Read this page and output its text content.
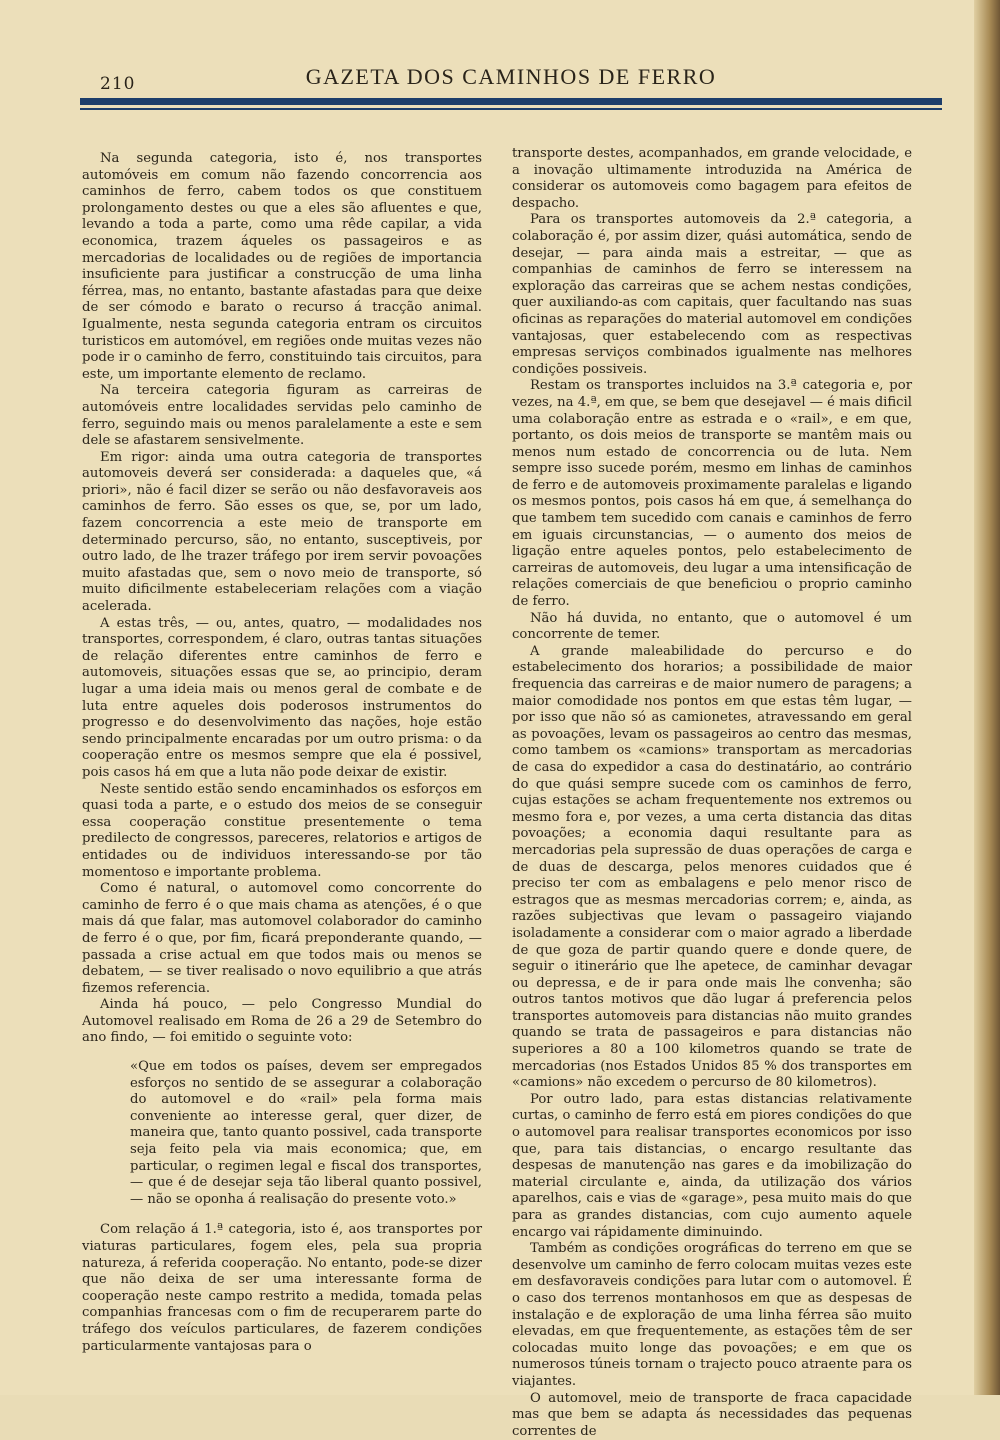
210	GAZETA DOS CAMINHOS DE FERRO

Na segunda categoria, isto é, nos transportes automóveis em comum não fazendo concorrencia aos caminhos de ferro, cabem todos os que constituem prolongamento destes ou que a eles são afluentes e que, levando a toda a parte, como uma rêde capilar, a vida economica, trazem áqueles os passageiros e as mercadorias de localidades ou de regiões de importancia insuficiente para justificar a construcção de uma linha férrea, mas, no entanto, bastante afastadas para que deixe de ser cómodo e barato o recurso á tracção animal. Igualmente, nesta segunda categoria entram os circuitos turisticos em automóvel, em regiões onde muitas vezes não pode ir o caminho de ferro, constituindo tais circuitos, para este, um importante elemento de reclamo.

Na terceira categoria figuram as carreiras de automóveis entre localidades servidas pelo caminho de ferro, seguindo mais ou menos paralelamente a este e sem dele se afastarem sensivelmente.

Em rigor: ainda uma outra categoria de transportes automoveis deverá ser considerada: a daqueles que, «á priori», não é facil dizer se serão ou não desfavoraveis aos caminhos de ferro. São esses os que, se, por um lado, fazem concorrencia a este meio de transporte em determinado percurso, são, no entanto, susceptiveis, por outro lado, de lhe trazer tráfego por irem servir povoações muito afastadas que, sem o novo meio de transporte, só muito dificilmente estabeleceriam relações com a viação acelerada.

A estas três, — ou, antes, quatro, — modalidades nos transportes, correspondem, é claro, outras tantas situações de relação diferentes entre caminhos de ferro e automoveis, situações essas que se, ao principio, deram lugar a uma ideia mais ou menos geral de combate e de luta entre aqueles dois poderosos instrumentos do progresso e do desenvolvimento das nações, hoje estão sendo principalmente encaradas por um outro prisma: o da cooperação entre os mesmos sempre que ela é possivel, pois casos há em que a luta não pode deixar de existir.

Neste sentido estão sendo encaminhados os esforços em quasi toda a parte, e o estudo dos meios de se conseguir essa cooperação constitue presentemente o tema predilecto de congressos, pareceres, relatorios e artigos de entidades ou de individuos interessando-se por tão momentoso e importante problema.

Como é natural, o automovel como concorrente do caminho de ferro é o que mais chama as atenções, é o que mais dá que falar, mas automovel colaborador do caminho de ferro é o que, por fim, ficará preponderante quando, — passada a crise actual em que todos mais ou menos se debatem, — se tiver realisado o novo equilibrio a que atrás fizemos referencia.

Ainda há pouco, — pelo Congresso Mundial do Automovel realisado em Roma de 26 a 29 de Setembro do ano findo, — foi emitido o seguinte voto:

«Que em todos os países, devem ser empregados esforços no sentido de se assegurar a colaboração do automovel e do «rail» pela forma mais conveniente ao interesse geral, quer dizer, de maneira que, tanto quanto possivel, cada transporte seja feito pela via mais economica; que, em particular, o regimen legal e fiscal dos transportes, — que é de desejar seja tão liberal quanto possivel, — não se oponha á realisação do presente voto.»

Com relação á 1.ª categoria, isto é, aos transportes por viaturas particulares, fogem eles, pela sua propria natureza, á referida cooperação. No entanto, pode-se dizer que não deixa de ser uma interessante forma de cooperação neste campo restrito a medida, tomada pelas companhias francesas com o fim de recuperarem parte do tráfego dos veículos particulares, de fazerem condições particularmente vantajosas para o

transporte destes, acompanhados, em grande velocidade, e a inovação ultimamente introduzida na América de considerar os automoveis como bagagem para efeitos de despacho.

Para os transportes automoveis da 2.ª categoria, a colaboração é, por assim dizer, quási automática, sendo de desejar, — para ainda mais a estreitar, — que as companhias de caminhos de ferro se interessem na exploração das carreiras que se achem nestas condições, quer auxiliando-as com capitais, quer facultando nas suas oficinas as reparações do material automovel em condições vantajosas, quer estabelecendo com as respectivas empresas serviços combinados igualmente nas melhores condições possiveis.

Restam os transportes incluidos na 3.ª categoria e, por vezes, na 4.ª, em que, se bem que desejavel — é mais dificil uma colaboração entre as estrada e o «rail», e em que, portanto, os dois meios de transporte se mantêm mais ou menos num estado de concorrencia ou de luta. Nem sempre isso sucede porém, mesmo em linhas de caminhos de ferro e de automoveis proximamente paralelas e ligando os mesmos pontos, pois casos há em que, á semelhança do que tambem tem sucedido com canais e caminhos de ferro em iguais circunstancias, — o aumento dos meios de ligação entre aqueles pontos, pelo estabelecimento de carreiras de automoveis, deu lugar a uma intensificação de relações comerciais de que beneficiou o proprio caminho de ferro.

Não há duvida, no entanto, que o automovel é um concorrente de temer.

A grande maleabilidade do percurso e do estabelecimento dos horarios; a possibilidade de maior frequencia das carreiras e de maior numero de paragens; a maior comodidade nos pontos em que estas têm lugar, — por isso que não só as camionetes, atravessando em geral as povoações, levam os passageiros ao centro das mesmas, como tambem os «camions» transportam as mercadorias de casa do expedidor a casa do destinatário, ao contrário do que quási sempre sucede com os caminhos de ferro, cujas estações se acham frequentemente nos extremos ou mesmo fora e, por vezes, a uma certa distancia das ditas povoações; a economia daqui resultante para as mercadorias pela supressão de duas operações de carga e de duas de descarga, pelos menores cuidados que é preciso ter com as embalagens e pelo menor risco de estragos que as mesmas mercadorias correm; e, ainda, as razões subjectivas que levam o passageiro viajando isoladamente a considerar com o maior agrado a liberdade de que goza de partir quando quere e donde quere, de seguir o itinerário que lhe apetece, de caminhar devagar ou depressa, e de ir para onde mais lhe convenha; são outros tantos motivos que dão lugar á preferencia pelos transportes automoveis para distancias não muito grandes quando se trata de passageiros e para distancias não superiores a 80 a 100 kilometros quando se trate de mercadorias (nos Estados Unidos 85 % dos transportes em «camions» não excedem o percurso de 80 kilometros).

Por outro lado, para estas distancias relativamente curtas, o caminho de ferro está em piores condições do que o automovel para realisar transportes economicos por isso que, para tais distancias, o encargo resultante das despesas de manutenção nas gares e da imobilização do material circulante e, ainda, da utilização dos vários aparelhos, cais e vias de «garage», pesa muito mais do que para as grandes distancias, com cujo aumento aquele encargo vai rápidamente diminuindo.

Também as condições orográficas do terreno em que se desenvolve um caminho de ferro colocam muitas vezes este em desfavoraveis condições para lutar com o automovel. É o caso dos terrenos montanhosos em que as despesas de instalação e de exploração de uma linha férrea são muito elevadas, em que frequentemente, as estações têm de ser colocadas muito longe das povoações; e em que os numerosos túneis tornam o trajecto pouco atraente para os viajantes.

O automovel, meio de transporte de fraca capacidade mas que bem se adapta ás necessidades das pequenas correntes de
